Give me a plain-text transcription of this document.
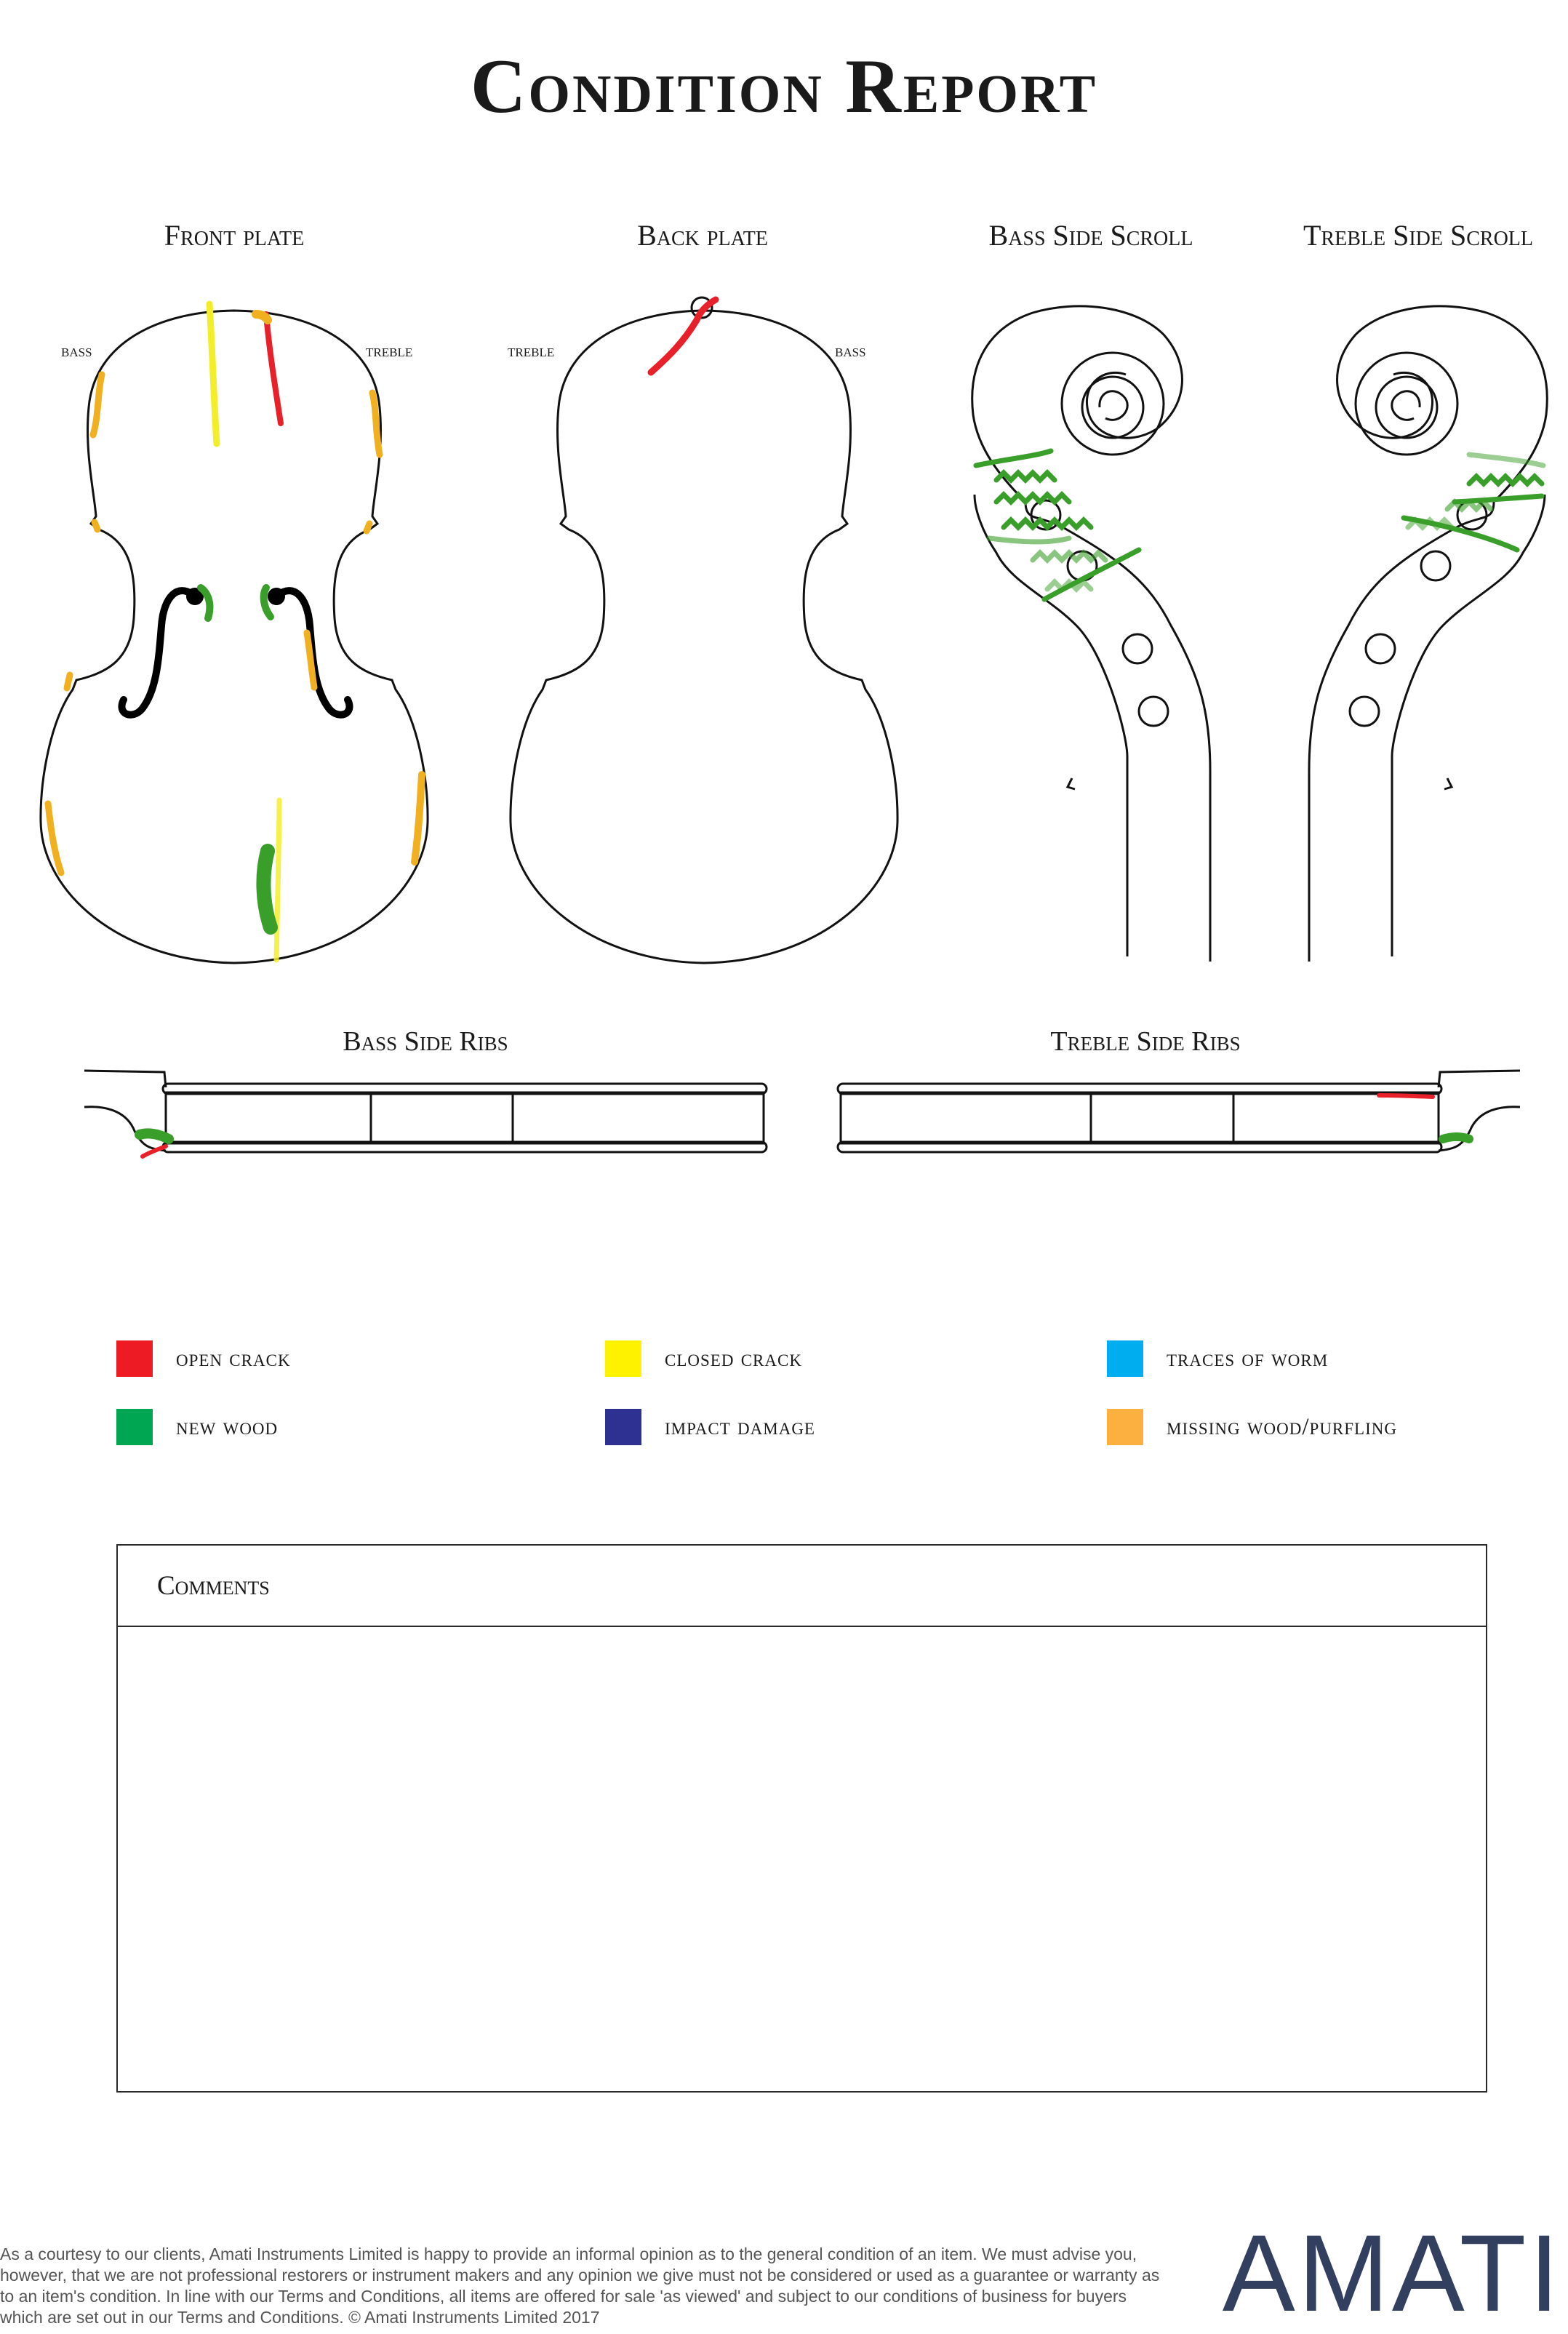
Condition Report
Front plate	Back plate	Bass Side Scroll	Treble Side Scroll
bass	treble	treble	bass
Bass Side Ribs	Treble Side Ribs
open crack	closed crack	traces of worm
new wood	impact damage	missing wood/purfling
Comments

As a courtesy to our clients, Amati Instruments Limited is happy to provide an informal opinion as to the general condition of an item. We must advise you, however, that we are not professional restorers or instrument makers and any opinion we give must not be considered or used as a guarantee or warranty as to an item's condition. In line with our Terms and Conditions, all items are offered for sale 'as viewed' and subject to our conditions of business for buyers which are set out in our Terms and Conditions. © Amati Instruments Limited 2017	AMATI
